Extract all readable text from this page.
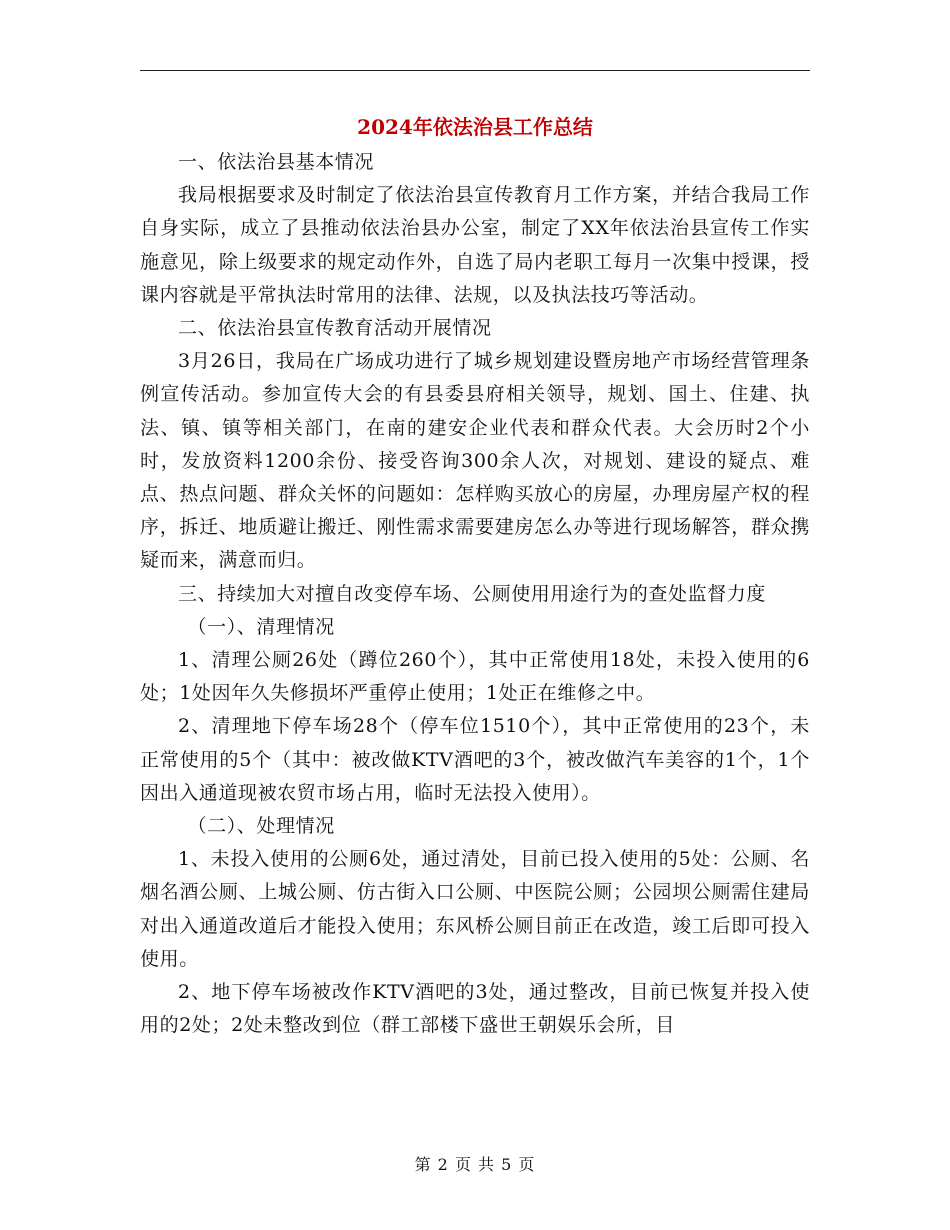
2024年依法治县工作总结

一、依法治县基本情况

我局根据要求及时制定了依法治县宣传教育月工作方案，并结合我局工作自身实际，成立了县推动依法治县办公室，制定了XX年依法治县宣传工作实施意见，除上级要求的规定动作外，自选了局内老职工每月一次集中授课，授课内容就是平常执法时常用的法律、法规，以及执法技巧等活动。

二、依法治县宣传教育活动开展情况

3月26日，我局在广场成功进行了城乡规划建设暨房地产市场经营管理条例宣传活动。参加宣传大会的有县委县府相关领导，规划、国土、住建、执法、镇、镇等相关部门，在南的建安企业代表和群众代表。大会历时2个小时，发放资料1200余份、接受咨询300余人次，对规划、建设的疑点、难点、热点问题、群众关怀的问题如：怎样购买放心的房屋，办理房屋产权的程序，拆迁、地质避让搬迁、刚性需求需要建房怎么办等进行现场解答，群众携疑而来，满意而归。

三、持续加大对擅自改变停车场、公厕使用用途行为的查处监督力度

（一）、清理情况

1、清理公厕26处（蹲位260个），其中正常使用18处，未投入使用的6处；1处因年久失修损坏严重停止使用；1处正在维修之中。

2、清理地下停车场28个（停车位1510个），其中正常使用的23个，未正常使用的5个（其中：被改做KTV酒吧的3个，被改做汽车美容的1个，1个因出入通道现被农贸市场占用，临时无法投入使用）。

（二）、处理情况

1、未投入使用的公厕6处，通过清处，目前已投入使用的5处：公厕、名烟名酒公厕、上城公厕、仿古街入口公厕、中医院公厕；公园坝公厕需住建局对出入通道改道后才能投入使用；东风桥公厕目前正在改造，竣工后即可投入使用。

2、地下停车场被改作KTV酒吧的3处，通过整改，目前已恢复并投入使用的2处；2处未整改到位（群工部楼下盛世王朝娱乐会所，目

第 2 页 共 5 页
